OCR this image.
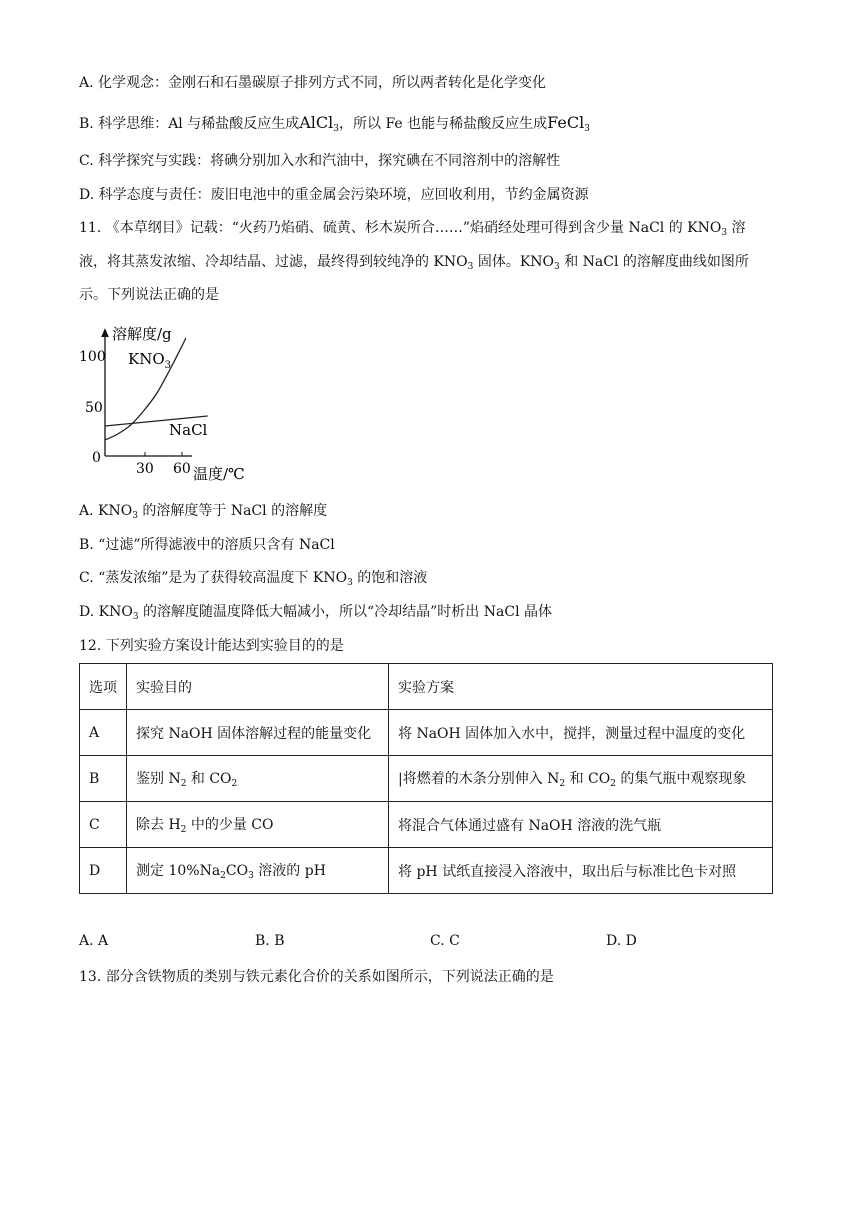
A. 化学观念：金刚石和石墨碳原子排列方式不同，所以两者转化是化学变化
B. 科学思维：Al 与稀盐酸反应生成AlCl$_3$，所以 Fe 也能与稀盐酸反应生成FeCl$_3$
C. 科学探究与实践：将碘分别加入水和汽油中，探究碘在不同溶剂中的溶解性
D. 科学态度与责任：废旧电池中的重金属会污染环境，应回收利用，节约金属资源
11. 《本草纲目》记载：“火药乃焰硝、硫黄、杉木炭所合……”焰硝经处理可得到含少量 NaCl 的 $KNO_3$ 溶
液，将其蒸发浓缩、冷却结晶、过滤，最终得到较纯净的 $KNO_3$ 固体。$KNO_3$ 和 NaCl 的溶解度曲线如图所
示。下列说法正确的是
溶解度/g
温度/℃
0
50
100
30 60
$KNO_3$
NaCl
A. $KNO_3$ 的溶解度等于 NaCl 的溶解度
B. “过滤”所得滤液中的溶质只含有 NaCl
C. “蒸发浓缩”是为了获得较高温度下 $KNO_3$ 的饱和溶液
D. $KNO_3$ 的溶解度随温度降低大幅减小，所以“冷却结晶”时析出 NaCl 晶体
12. 下列实验方案设计能达到实验目的的是
选项	实验目的	实验方案
A	探究 NaOH 固体溶解过程的能量变化	将 NaOH 固体加入水中，搅拌，测量过程中温度的变化
B	鉴别 $N_2$ 和 $CO_2$	|将燃着的木条分别伸入 $N_2$ 和 $CO_2$ 的集气瓶中观察现象
C	除去 $H_2$ 中的少量 CO	将混合气体通过盛有 NaOH 溶液的洗气瓶
D	测定 $10\%Na_2CO_3$ 溶液的 pH	将 pH 试纸直接浸入溶液中，取出后与标准比色卡对照
A. A	B. B	C. C	D. D
13. 部分含铁物质的类别与铁元素化合价的关系如图所示，下列说法正确的是
